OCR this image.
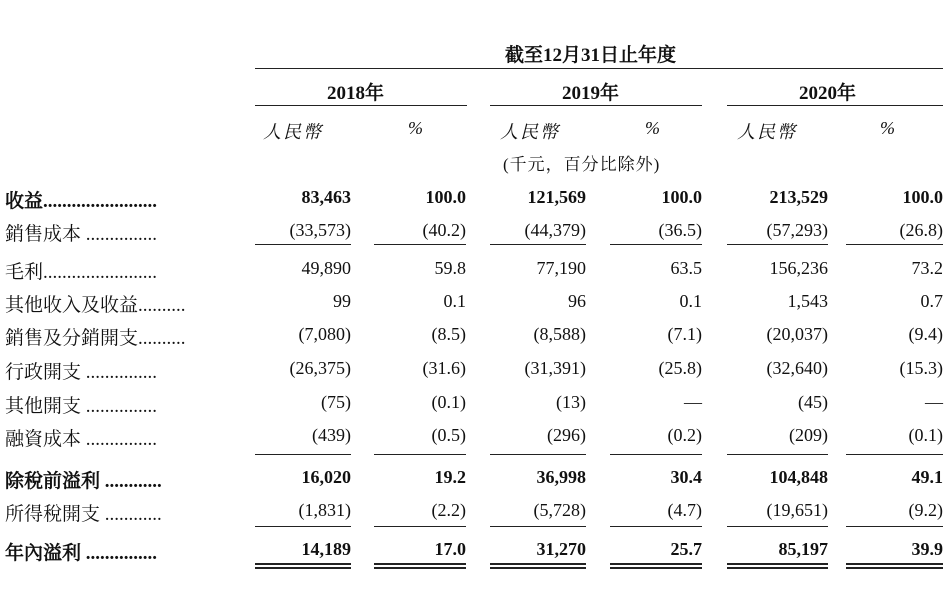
截至12月31日止年度
2018年	2019年	2020年
人民幣	%	人民幣	%	人民幣	%
(千元，百分比除外)
收益........................	83,463	100.0	121,569	100.0	213,529	100.0
銷售成本 ...............	(33,573)	(40.2)	(44,379)	(36.5)	(57,293)	(26.8)
毛利........................	49,890	59.8	77,190	63.5	156,236	73.2
其他收入及收益..........	99	0.1	96	0.1	1,543	0.7
銷售及分銷開支..........	(7,080)	(8.5)	(8,588)	(7.1)	(20,037)	(9.4)
行政開支 ...............	(26,375)	(31.6)	(31,391)	(25.8)	(32,640)	(15.3)
其他開支 ...............	(75)	(0.1)	(13)	—	(45)	—
融資成本 ...............	(439)	(0.5)	(296)	(0.2)	(209)	(0.1)
除稅前溢利 ............	16,020	19.2	36,998	30.4	104,848	49.1
所得稅開支 ............	(1,831)	(2.2)	(5,728)	(4.7)	(19,651)	(9.2)
年內溢利 ...............	14,189	17.0	31,270	25.7	85,197	39.9
